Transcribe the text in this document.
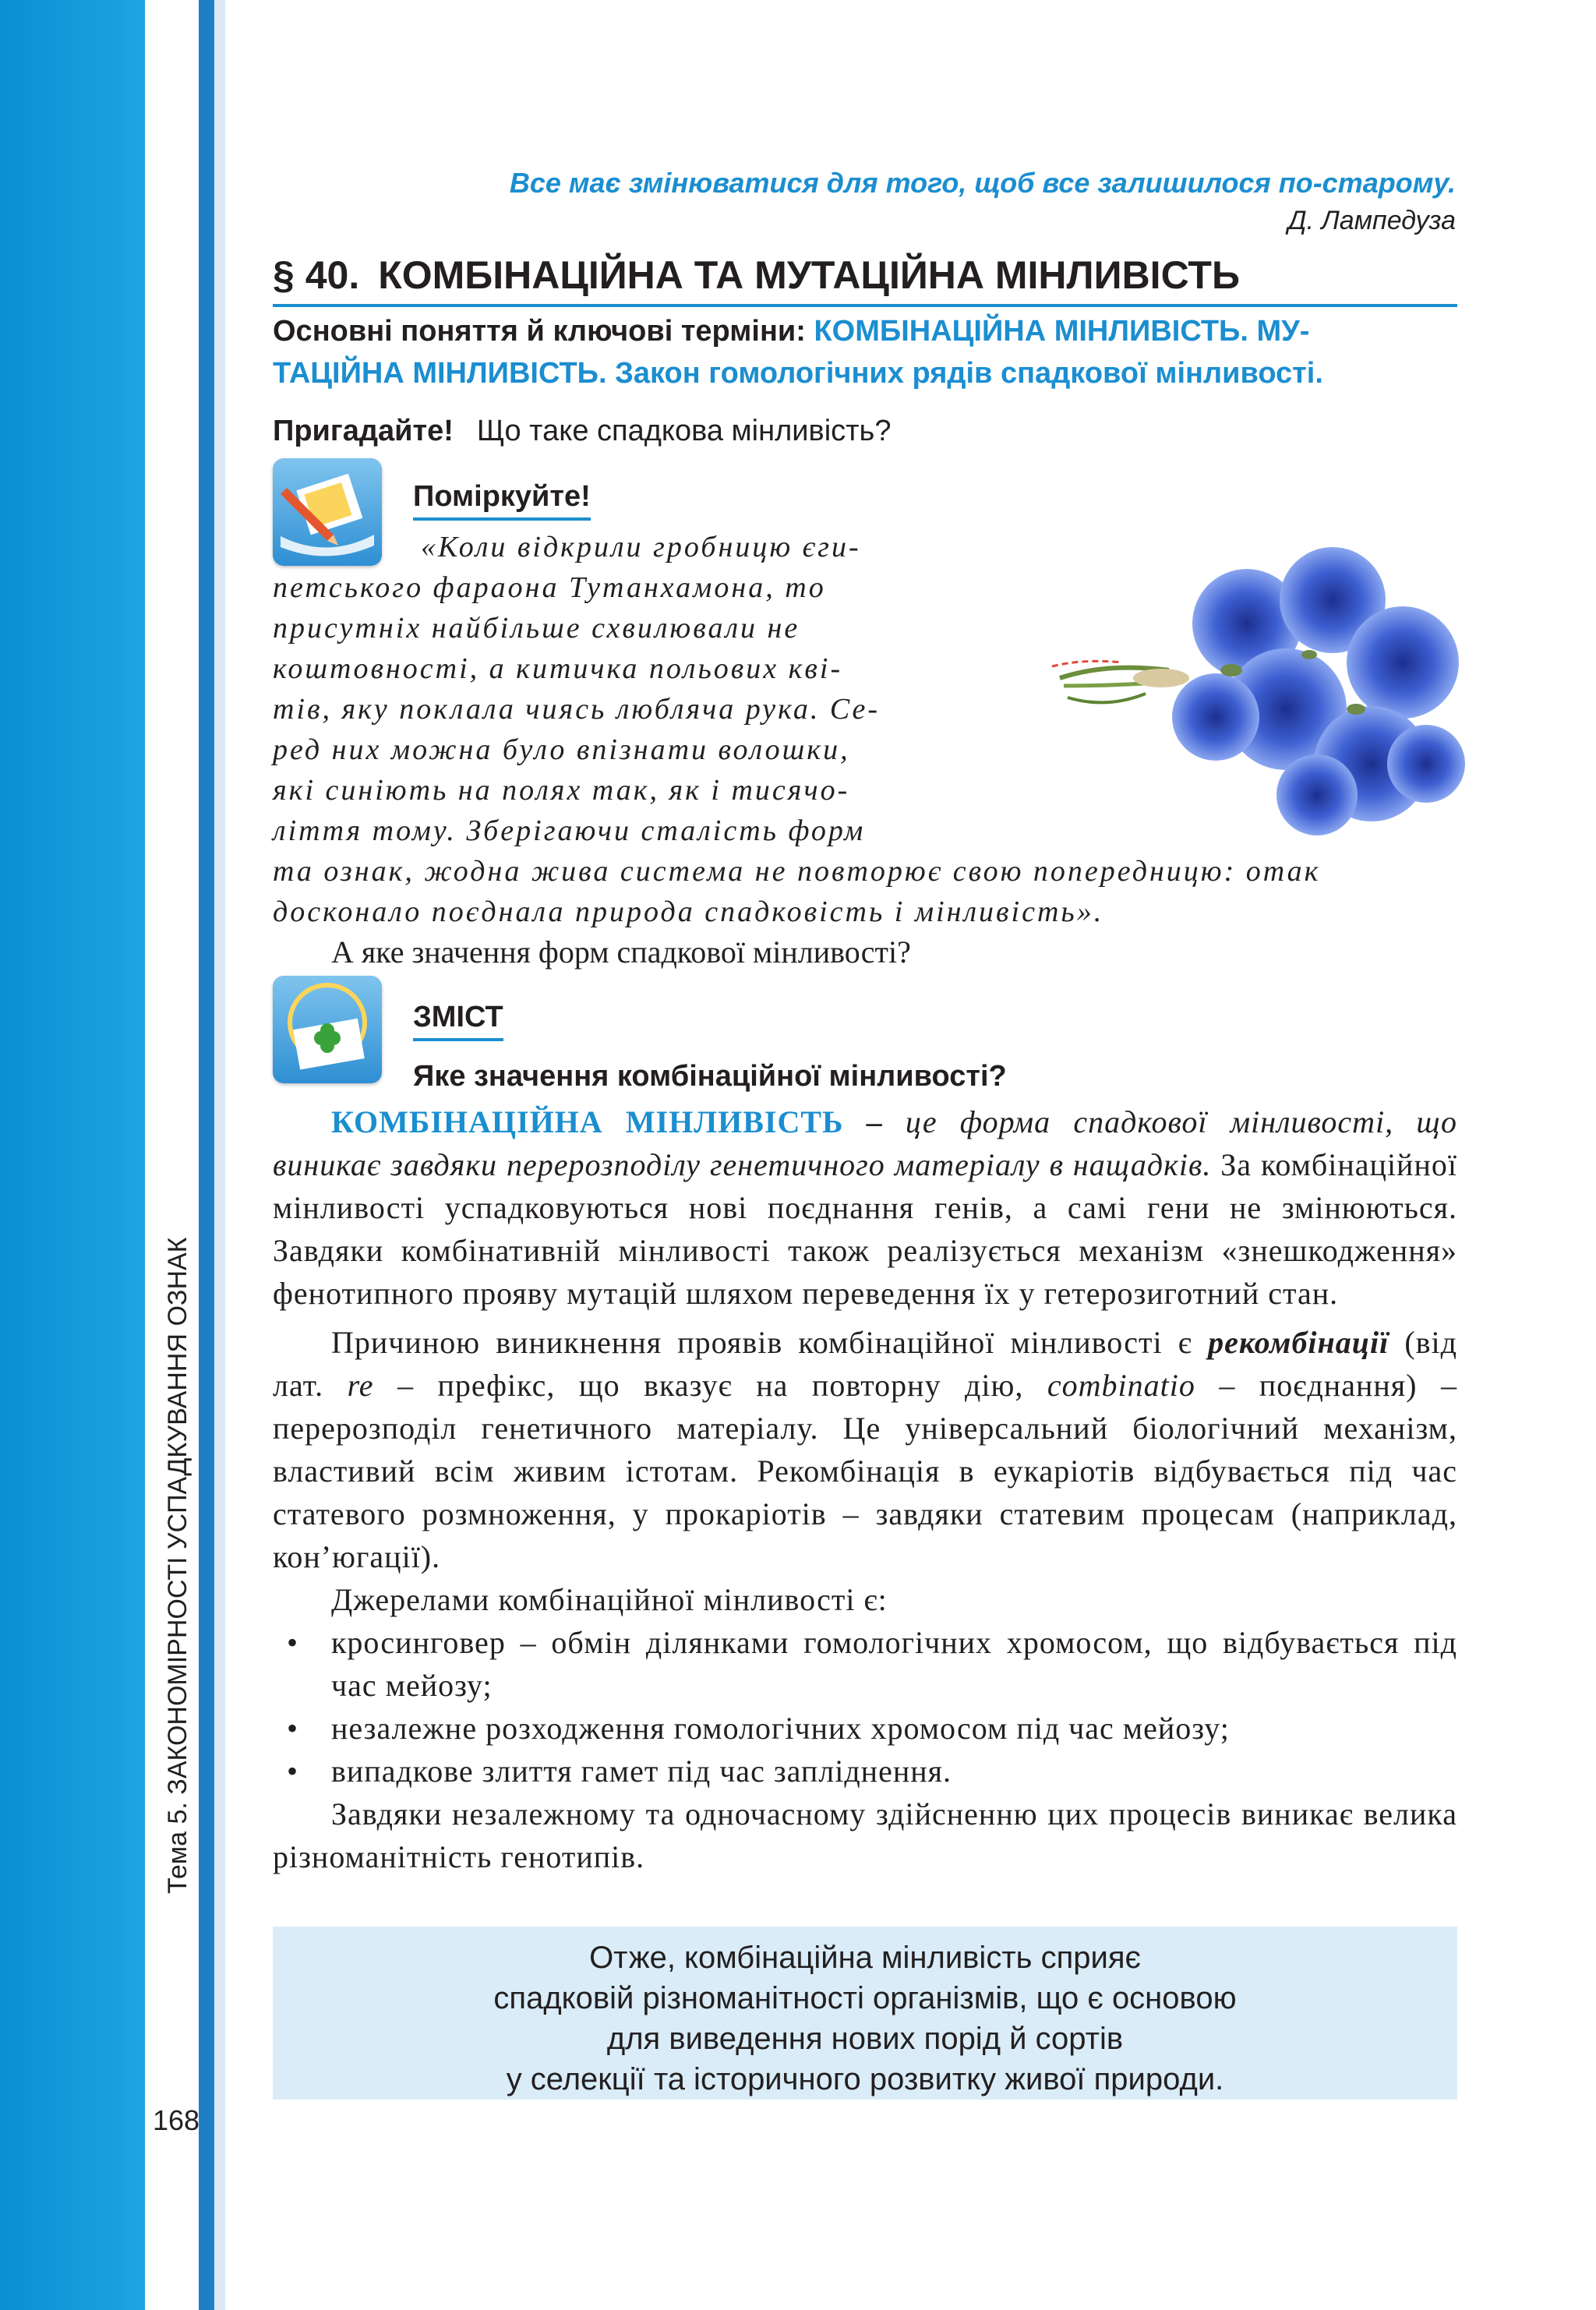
Тема 5. ЗАКОНОМІРНОСТІ УСПАДКУВАННЯ ОЗНАК
168
Все має змінюватися для того, щоб все залишилося по-старому.
Д. Лампедуза
§ 40. КОМБІНАЦІЙНА ТА МУТАЦІЙНА МІНЛИВІСТЬ
Основні поняття й ключові терміни: КОМБІНАЦІЙНА МІНЛИВІСТЬ. МУ-
ТАЦІЙНА МІНЛИВІСТЬ. Закон гомологічних рядів спадкової мінливості.
Пригадайте! Що таке спадкова мінливість?
Поміркуйте!
«Коли відкрили гробницю єги-
петського фараона Тутанхамона, то
присутніх найбільше схвилювали не
коштовності, а китичка польових кві-
тів, яку поклала чиясь любляча рука. Се-
ред них можна було впізнати волошки,
які синіють на полях так, як і тисячо-
ліття тому. Зберігаючи сталість форм
та ознак, жодна жива система не повторює свою попередницю: отак
досконало поєднала природа спадковість і мінливість».
А яке значення форм спадкової мінливості?
ЗМІСТ
Яке значення комбінаційної мінливості?

КОМБІНАЦІЙНА МІНЛИВІСТЬ – це форма спадкової мінливості, що виникає завдяки перерозподілу генетичного матеріалу в нащадків. За комбінаційної мінливості успадковуються нові поєднання генів, а самі гени не змінюються. Завдяки комбінативній мінливості також реалізується механізм «знешкодження» фенотипного прояву мутацій шляхом переведення їх у гетерозиготний стан.

Причиною виникнення проявів комбінаційної мінливості є рекомбінації (від лат. re – префікс, що вказує на повторну дію, combinatio – поєднання) – перерозподіл генетичного матеріалу. Це універсальний біологічний механізм, властивий всім живим істотам. Рекомбінація в еукаріотів відбувається під час статевого розмноження, у прокаріотів – завдяки статевим процесам (наприклад, кон’югації).

Джерелами комбінаційної мінливості є:

• кросинговер – обмін ділянками гомологічних хромосом, що відбувається під час мейозу;
• незалежне розходження гомологічних хромосом під час мейозу;
• випадкове злиття гамет під час запліднення.

Завдяки незалежному та одночасному здійсненню цих процесів виникає велика різноманітність генотипів.

Отже, комбінаційна мінливість сприяє
спадковій різноманітності організмів, що є основою
для виведення нових порід й сортів
у селекції та історичного розвитку живої природи.
